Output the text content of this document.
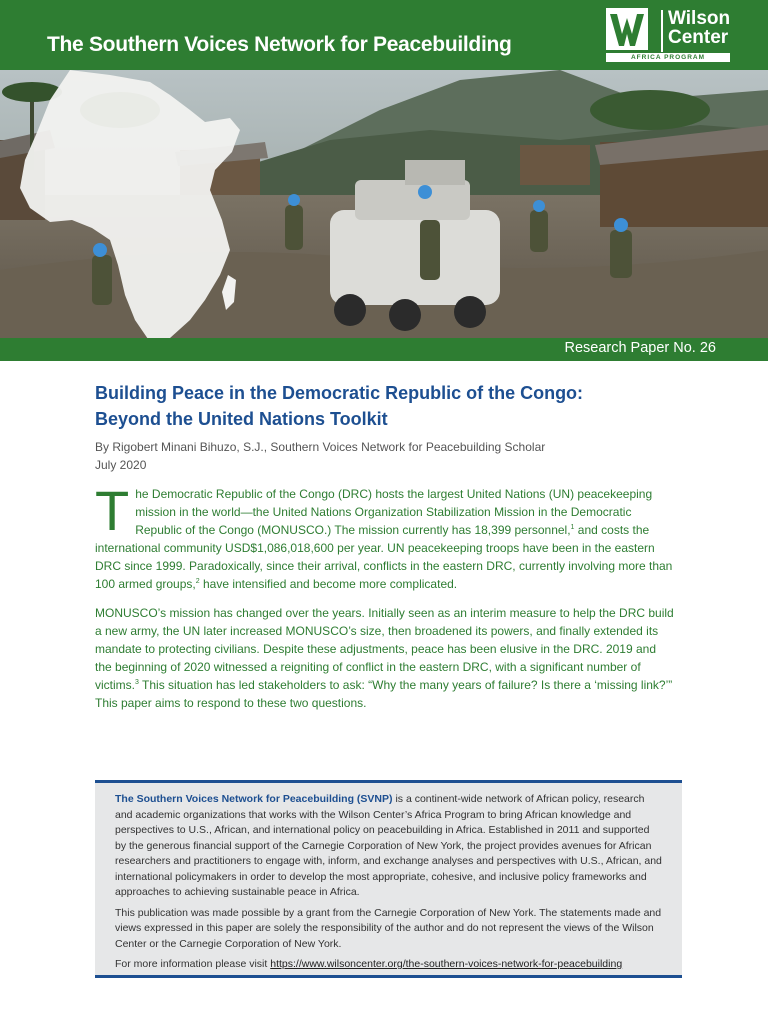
The Southern Voices Network for Peacebuilding
Wilson
Center
AFRICA PROGRAM
Research Paper No. 26
Building Peace in the Democratic Republic of the Congo:
Beyond the United Nations Toolkit
By Rigobert Minani Bihuzo, S.J., Southern Voices Network for Peacebuilding Scholar
July 2020
The Democratic Republic of the Congo (DRC) hosts the largest United Nations (UN) peacekeeping mission in the world—the United Nations Organization Stabilization Mission in the Democratic Republic of the Congo (MONUSCO.) The mission currently has 18,399 personnel,$^1$ and costs the international community USD$1,086,018,600 per year. UN peacekeeping troops have been in the eastern DRC since 1999. Paradoxically, since their arrival, conflicts in the eastern DRC, currently involving more than 100 armed groups,$^2$ have intensified and become more complicated.
MONUSCO’s mission has changed over the years. Initially seen as an interim measure to help the DRC build a new army, the UN later increased MONUSCO’s size, then broadened its powers, and finally extended its mandate to protecting civilians. Despite these adjustments, peace has been elusive in the DRC. 2019 and the beginning of 2020 witnessed a reigniting of conflict in the eastern DRC, with a significant number of victims.$^3$ This situation has led stakeholders to ask: “Why the many years of failure? Is there a ‘missing link?’” This paper aims to respond to these two questions.

The Southern Voices Network for Peacebuilding (SVNP) is a continent-wide network of African policy, research and academic organizations that works with the Wilson Center’s Africa Program to bring African knowledge and perspectives to U.S., African, and international policy on peacebuilding in Africa. Established in 2011 and supported by the generous financial support of the Carnegie Corporation of New York, the project provides avenues for African researchers and practitioners to engage with, inform, and exchange analyses and perspectives with U.S., African, and international policymakers in order to develop the most appropriate, cohesive, and inclusive policy frameworks and approaches to achieving sustainable peace in Africa.

This publication was made possible by a grant from the Carnegie Corporation of New York. The statements made and views expressed in this paper are solely the responsibility of the author and do not represent the views of the Wilson Center or the Carnegie Corporation of New York.

For more information please visit https://www.wilsoncenter.org/the-southern-voices-network-for-peacebuilding
